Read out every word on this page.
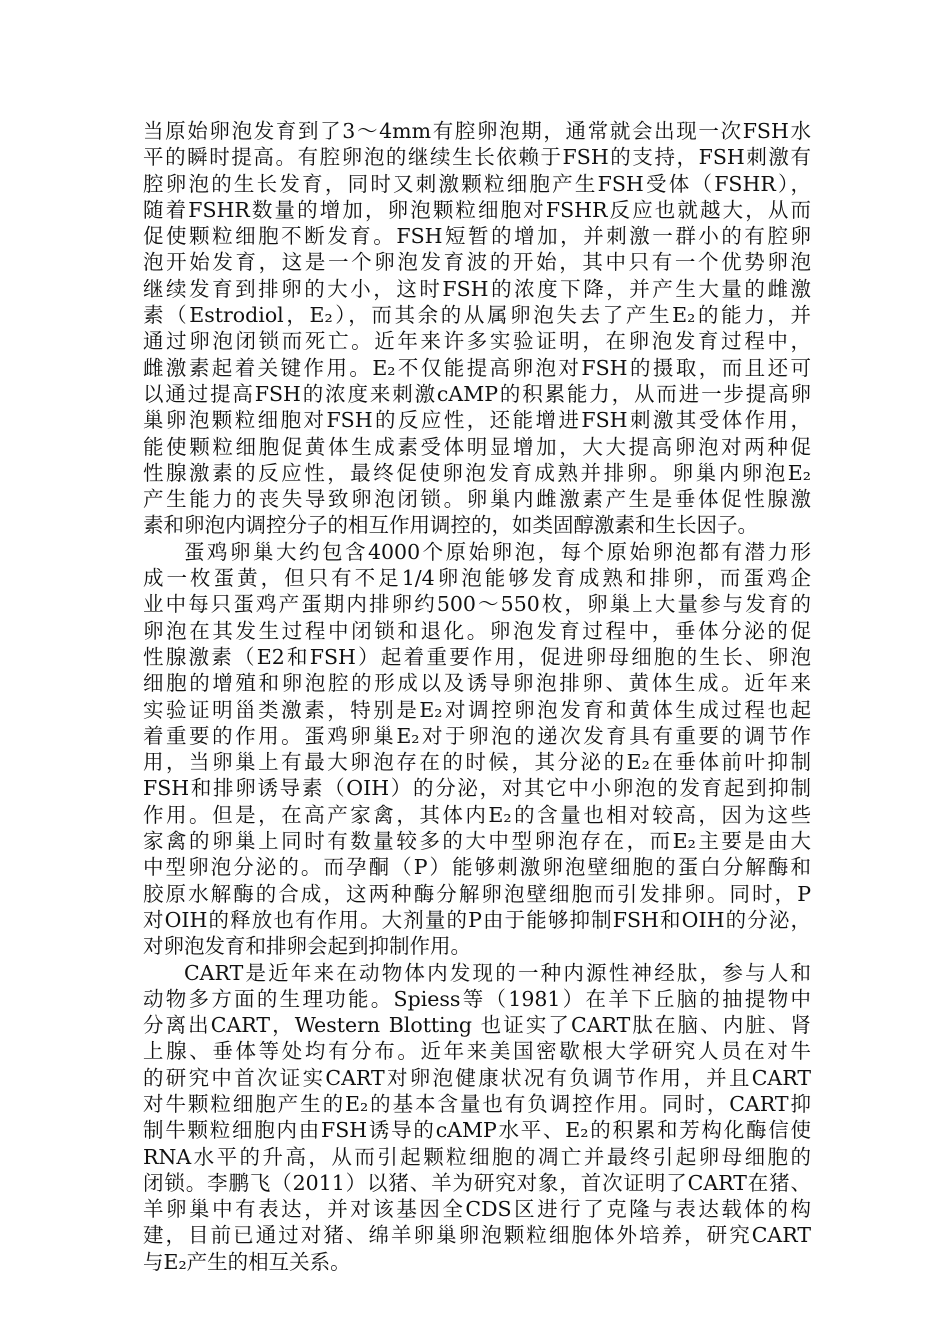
当原始卵泡发育到了3～4mm有腔卵泡期，通常就会出现一次FSH水
平的瞬时提高。有腔卵泡的继续生长依赖于FSH的支持，FSH刺激有
腔卵泡的生长发育，同时又刺激颗粒细胞产生FSH受体（FSHR），
随着FSHR数量的增加，卵泡颗粒细胞对FSHR反应也就越大，从而
促使颗粒细胞不断发育。FSH短暂的增加，并刺激一群小的有腔卵
泡开始发育，这是一个卵泡发育波的开始，其中只有一个优势卵泡
继续发育到排卵的大小，这时FSH的浓度下降，并产生大量的雌激
素（Estrodiol，E₂），而其余的从属卵泡失去了产生E₂的能力，并
通过卵泡闭锁而死亡。近年来许多实验证明，在卵泡发育过程中，
雌激素起着关键作用。E₂不仅能提高卵泡对FSH的摄取，而且还可
以通过提高FSH的浓度来刺激cAMP的积累能力，从而进一步提高卵
巢卵泡颗粒细胞对FSH的反应性，还能增进FSH刺激其受体作用，
能使颗粒细胞促黄体生成素受体明显增加，大大提高卵泡对两种促
性腺激素的反应性，最终促使卵泡发育成熟并排卵。卵巢内卵泡E₂
产生能力的丧失导致卵泡闭锁。卵巢内雌激素产生是垂体促性腺激
素和卵泡内调控分子的相互作用调控的，如类固醇激素和生长因子。
蛋鸡卵巢大约包含4000个原始卵泡，每个原始卵泡都有潜力形
成一枚蛋黄，但只有不足1/4卵泡能够发育成熟和排卵，而蛋鸡企
业中每只蛋鸡产蛋期内排卵约500～550枚，卵巢上大量参与发育的
卵泡在其发生过程中闭锁和退化。卵泡发育过程中，垂体分泌的促
性腺激素（E2和FSH）起着重要作用，促进卵母细胞的生长、卵泡
细胞的增殖和卵泡腔的形成以及诱导卵泡排卵、黄体生成。近年来
实验证明甾类激素，特别是E₂对调控卵泡发育和黄体生成过程也起
着重要的作用。蛋鸡卵巢E₂对于卵泡的递次发育具有重要的调节作
用，当卵巢上有最大卵泡存在的时候，其分泌的E₂在垂体前叶抑制
FSH和排卵诱导素（OIH）的分泌，对其它中小卵泡的发育起到抑制
作用。但是，在高产家禽，其体内E₂的含量也相对较高，因为这些
家禽的卵巢上同时有数量较多的大中型卵泡存在，而E₂主要是由大
中型卵泡分泌的。而孕酮（P）能够刺激卵泡壁细胞的蛋白分解酶和
胶原水解酶的合成，这两种酶分解卵泡壁细胞而引发排卵。同时，P
对OIH的释放也有作用。大剂量的P由于能够抑制FSH和OIH的分泌，
对卵泡发育和排卵会起到抑制作用。
CART是近年来在动物体内发现的一种内源性神经肽，参与人和
动物多方面的生理功能。Spiess等（1981）在羊下丘脑的抽提物中
分离出CART，Western Blotting 也证实了CART肽在脑、内脏、肾
上腺、垂体等处均有分布。近年来美国密歇根大学研究人员在对牛
的研究中首次证实CART对卵泡健康状况有负调节作用，并且CART
对牛颗粒细胞产生的E₂的基本含量也有负调控作用。同时，CART抑
制牛颗粒细胞内由FSH诱导的cAMP水平、E₂的积累和芳构化酶信使
RNA水平的升高，从而引起颗粒细胞的凋亡并最终引起卵母细胞的
闭锁。李鹏飞（2011）以猪、羊为研究对象，首次证明了CART在猪、
羊卵巢中有表达，并对该基因全CDS区进行了克隆与表达载体的构
建，目前已通过对猪、绵羊卵巢卵泡颗粒细胞体外培养，研究CART
与E₂产生的相互关系。
